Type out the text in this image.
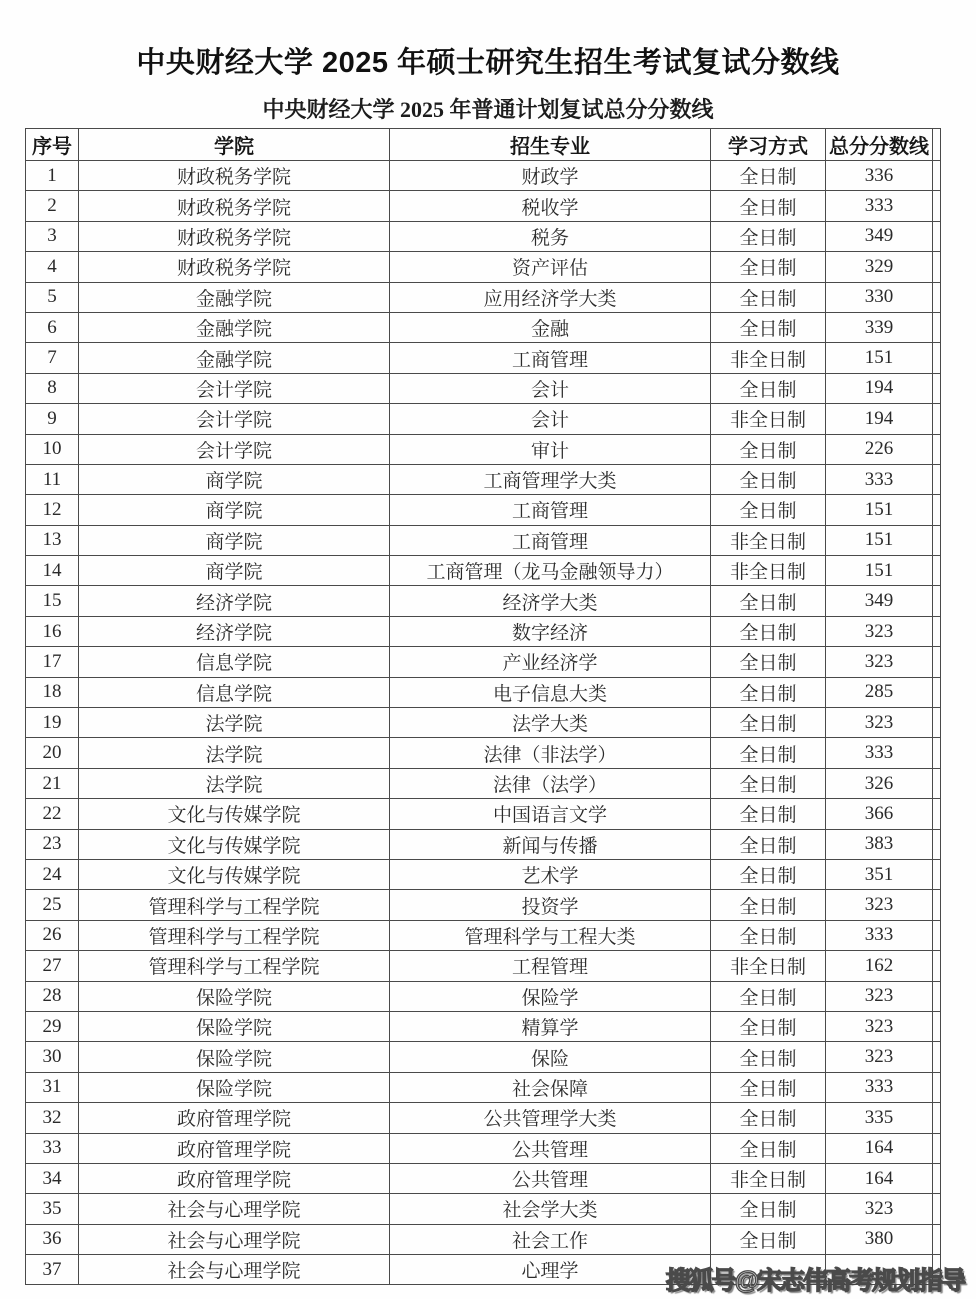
中央财经大学 2025 年硕士研究生招生考试复试分数线
中央财经大学 2025 年普通计划复试总分分数线
序号	学院	招生专业	学习方式	总分分数线	
1	财政税务学院	财政学	全日制	336	
2	财政税务学院	税收学	全日制	333	
3	财政税务学院	税务	全日制	349	
4	财政税务学院	资产评估	全日制	329	
5	金融学院	应用经济学大类	全日制	330	
6	金融学院	金融	全日制	339	
7	金融学院	工商管理	非全日制	151	
8	会计学院	会计	全日制	194	
9	会计学院	会计	非全日制	194	
10	会计学院	审计	全日制	226	
11	商学院	工商管理学大类	全日制	333	
12	商学院	工商管理	全日制	151	
13	商学院	工商管理	非全日制	151	
14	商学院	工商管理（龙马金融领导力）	非全日制	151	
15	经济学院	经济学大类	全日制	349	
16	经济学院	数字经济	全日制	323	
17	信息学院	产业经济学	全日制	323	
18	信息学院	电子信息大类	全日制	285	
19	法学院	法学大类	全日制	323	
20	法学院	法律（非法学）	全日制	333	
21	法学院	法律（法学）	全日制	326	
22	文化与传媒学院	中国语言文学	全日制	366	
23	文化与传媒学院	新闻与传播	全日制	383	
24	文化与传媒学院	艺术学	全日制	351	
25	管理科学与工程学院	投资学	全日制	323	
26	管理科学与工程学院	管理科学与工程大类	全日制	333	
27	管理科学与工程学院	工程管理	非全日制	162	
28	保险学院	保险学	全日制	323	
29	保险学院	精算学	全日制	323	
30	保险学院	保险	全日制	323	
31	保险学院	社会保障	全日制	333	
32	政府管理学院	公共管理学大类	全日制	335	
33	政府管理学院	公共管理	全日制	164	
34	政府管理学院	公共管理	非全日制	164	
35	社会与心理学院	社会学大类	全日制	323	
36	社会与心理学院	社会工作	全日制	380	
37	社会与心理学院	心理学				搜狐号@宋志伟高考规划指导
